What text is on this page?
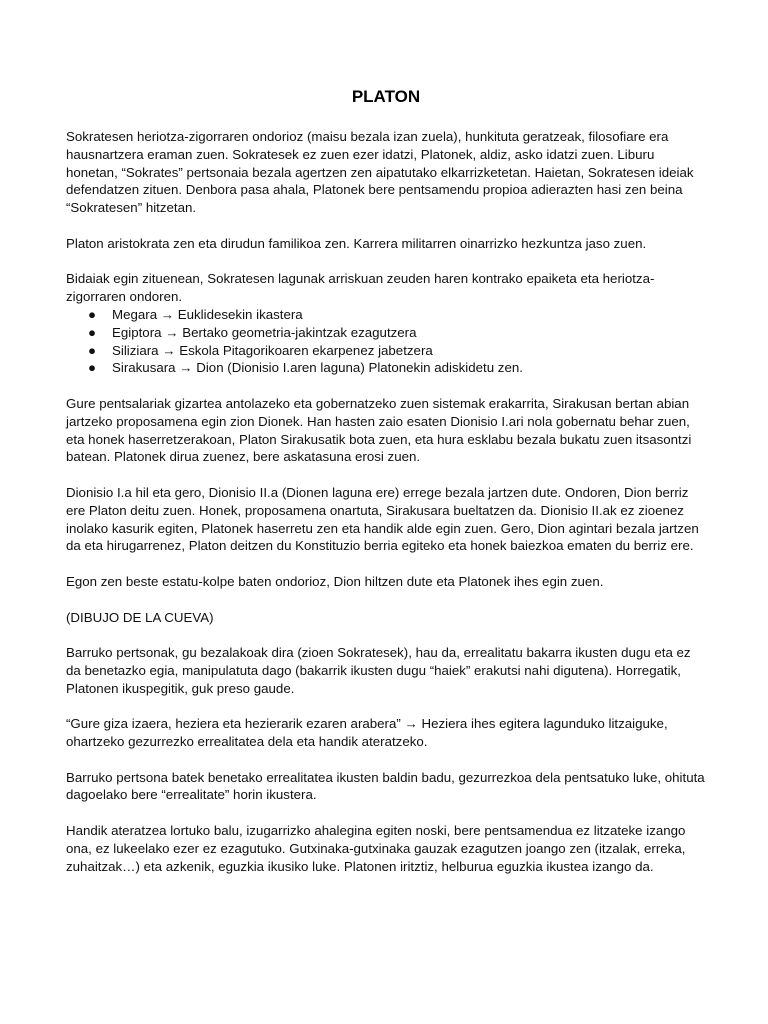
PLATON

Sokratesen heriotza-zigorraren ondorioz (maisu bezala izan zuela), hunkituta geratzeak, filosofiare era hausnartzera eraman zuen. Sokratesek ez zuen ezer idatzi, Platonek, aldiz, asko idatzi zuen. Liburu honetan, “Sokrates” pertsonaia bezala agertzen zen aipatutako elkarrizketetan. Haietan, Sokratesen ideiak defendatzen zituen. Denbora pasa ahala, Platonek bere pentsamendu propioa adierazten hasi zen beina “Sokratesen” hitzetan.

Platon aristokrata zen eta dirudun familikoa zen. Karrera militarren oinarrizko hezkuntza jaso zuen.

Bidaiak egin zituenean, Sokratesen lagunak arriskuan zeuden haren kontrako epaiketa eta heriotza-zigorraren ondoren.

● Megara → Euklidesekin ikastera
● Egiptora → Bertako geometria-jakintzak ezagutzera
● Siliziara → Eskola Pitagorikoaren ekarpenez jabetzera
● Sirakusara → Dion (Dionisio I.aren laguna) Platonekin adiskidetu zen.

Gure pentsalariak gizartea antolazeko eta gobernatzeko zuen sistemak erakarrita, Sirakusan bertan abian jartzeko proposamena egin zion Dionek. Han hasten zaio esaten Dionisio I.ari nola gobernatu behar zuen, eta honek haserretzerakoan, Platon Sirakusatik bota zuen, eta hura esklabu bezala bukatu zuen itsasontzi batean. Platonek dirua zuenez, bere askatasuna erosi zuen.

Dionisio I.a hil eta gero, Dionisio II.a (Dionen laguna ere) errege bezala jartzen dute. Ondoren, Dion berriz ere Platon deitu zuen. Honek, proposamena onartuta, Sirakusara bueltatzen da. Dionisio II.ak ez zioenez inolako kasurik egiten, Platonek haserretu zen eta handik alde egin zuen. Gero, Dion agintari bezala jartzen da eta hirugarrenez, Platon deitzen du Konstituzio berria egiteko eta honek baiezkoa ematen du berriz ere.

Egon zen beste estatu-kolpe baten ondorioz, Dion hiltzen dute eta Platonek ihes egin zuen.

(DIBUJO DE LA CUEVA)

Barruko pertsonak, gu bezalakoak dira (zioen Sokratesek), hau da, errealitatu bakarra ikusten dugu eta ez da benetazko egia, manipulatuta dago (bakarrik ikusten dugu “haiek” erakutsi nahi digutena). Horregatik, Platonen ikuspegitik, guk preso gaude.

“Gure giza izaera, heziera eta hezierarik ezaren arabera” → Heziera ihes egitera lagunduko litzaiguke, ohartzeko gezurrezko errealitatea dela eta handik ateratzeko.

Barruko pertsona batek benetako errealitatea ikusten baldin badu, gezurrezkoa dela pentsatuko luke, ohituta dagoelako bere “errealitate” horin ikustera.

Handik ateratzea lortuko balu, izugarrizko ahalegina egiten noski, bere pentsamendua ez litzateke izango ona, ez lukeelako ezer ez ezagutuko. Gutxinaka-gutxinaka gauzak ezagutzen joango zen (itzalak, erreka, zuhaitzak…) eta azkenik, eguzkia ikusiko luke. Platonen iritztiz, helburua eguzkia ikustea izango da.
